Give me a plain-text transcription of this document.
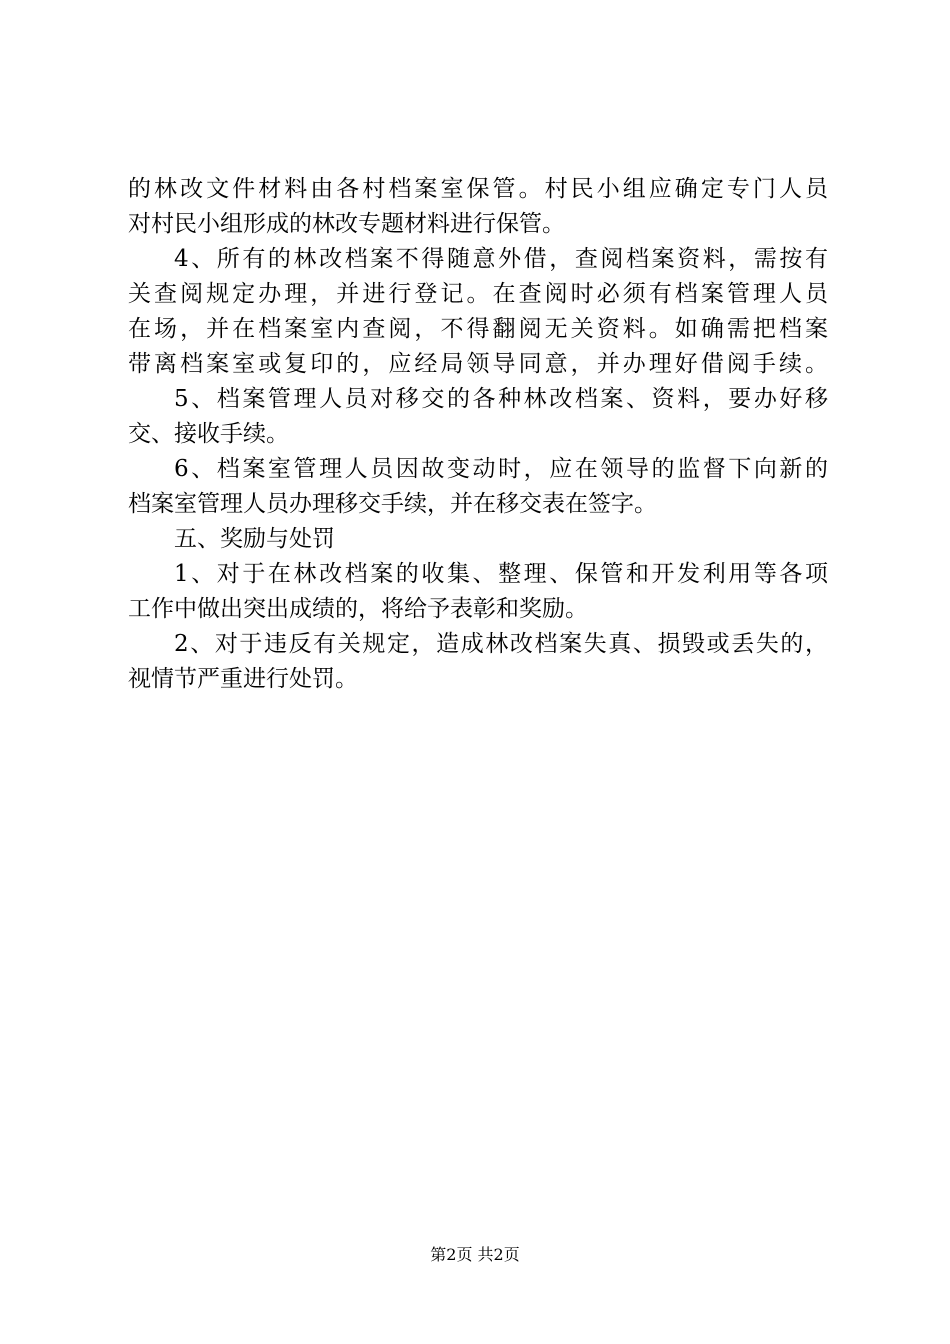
的林改文件材料由各村档案室保管。村民小组应确定专门人员
对村民小组形成的林改专题材料进行保管。
4、所有的林改档案不得随意外借，查阅档案资料，需按有
关查阅规定办理，并进行登记。在查阅时必须有档案管理人员
在场，并在档案室内查阅，不得翻阅无关资料。如确需把档案
带离档案室或复印的，应经局领导同意，并办理好借阅手续。
5、档案管理人员对移交的各种林改档案、资料，要办好移
交、接收手续。
6、档案室管理人员因故变动时，应在领导的监督下向新的
档案室管理人员办理移交手续，并在移交表在签字。
五、奖励与处罚
1、对于在林改档案的收集、整理、保管和开发利用等各项
工作中做出突出成绩的，将给予表彰和奖励。
2、对于违反有关规定，造成林改档案失真、损毁或丢失的，
视情节严重进行处罚。
第2页 共2页
